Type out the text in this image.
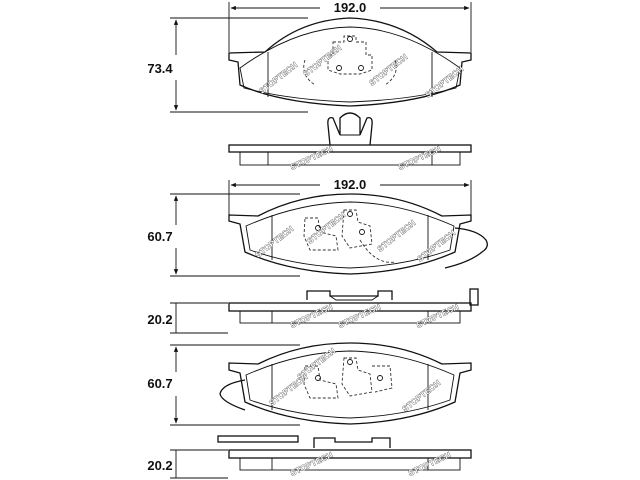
192.0
73.4	STOPTECH STOPTECH	STOPTECH STOPTECH
STOPTECH	STOPTECH
192.0
60.7	STOPTECH STOPTECH	STOPTECH
STOPTECH
20.2	STOPTECH STOPTECH	STOPTECH
60.7	STOPTECH
STOPTECH
STOPTECH
20.2	STOPTECH	STOPTECH
